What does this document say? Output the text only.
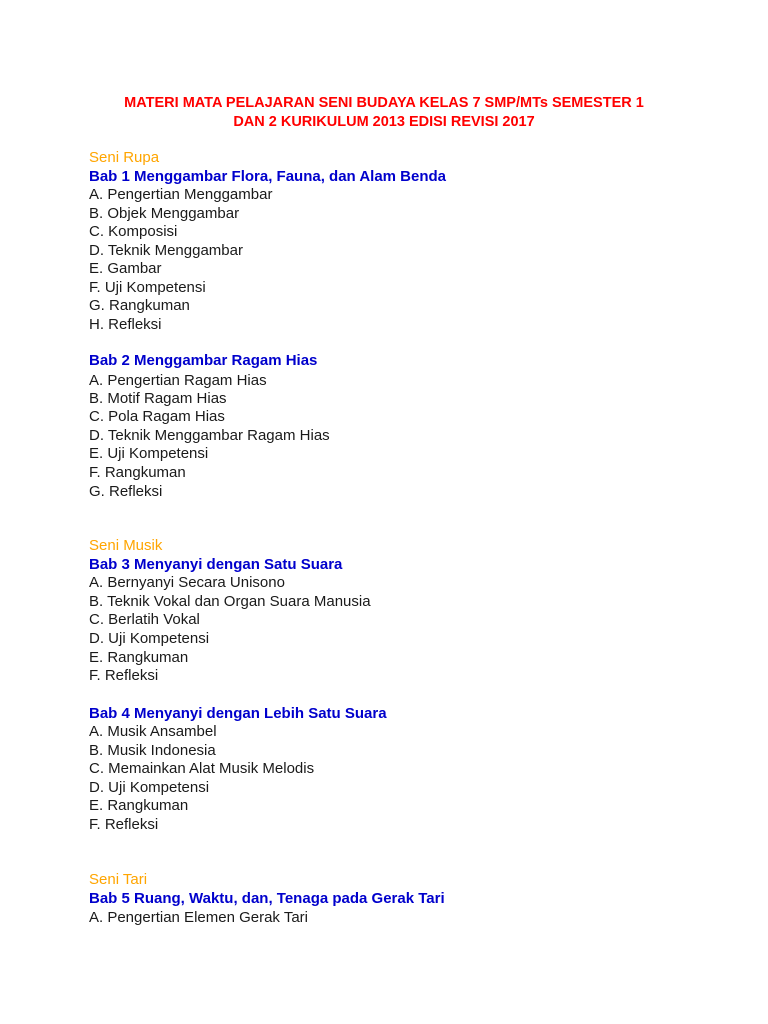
MATERI MATA PELAJARAN SENI BUDAYA KELAS 7 SMP/MTs SEMESTER 1
DAN 2 KURIKULUM 2013 EDISI REVISI 2017
Seni Rupa
Bab 1 Menggambar Flora, Fauna, dan Alam Benda
A. Pengertian Menggambar
B. Objek Menggambar
C. Komposisi
D. Teknik Menggambar
E. Gambar
F. Uji Kompetensi
G. Rangkuman
H. Refleksi
Bab 2 Menggambar Ragam Hias
A. Pengertian Ragam Hias
B. Motif Ragam Hias
C. Pola Ragam Hias
D. Teknik Menggambar Ragam Hias
E. Uji Kompetensi
F. Rangkuman
G. Refleksi
Seni Musik
Bab 3 Menyanyi dengan Satu Suara
A. Bernyanyi Secara Unisono
B. Teknik Vokal dan Organ Suara Manusia
C. Berlatih Vokal
D. Uji Kompetensi
E. Rangkuman
F. Refleksi
Bab 4 Menyanyi dengan Lebih Satu Suara
A. Musik Ansambel
B. Musik Indonesia
C. Memainkan Alat Musik Melodis
D. Uji Kompetensi
E. Rangkuman
F. Refleksi
Seni Tari
Bab 5 Ruang, Waktu, dan, Tenaga pada Gerak Tari
A. Pengertian Elemen Gerak Tari
